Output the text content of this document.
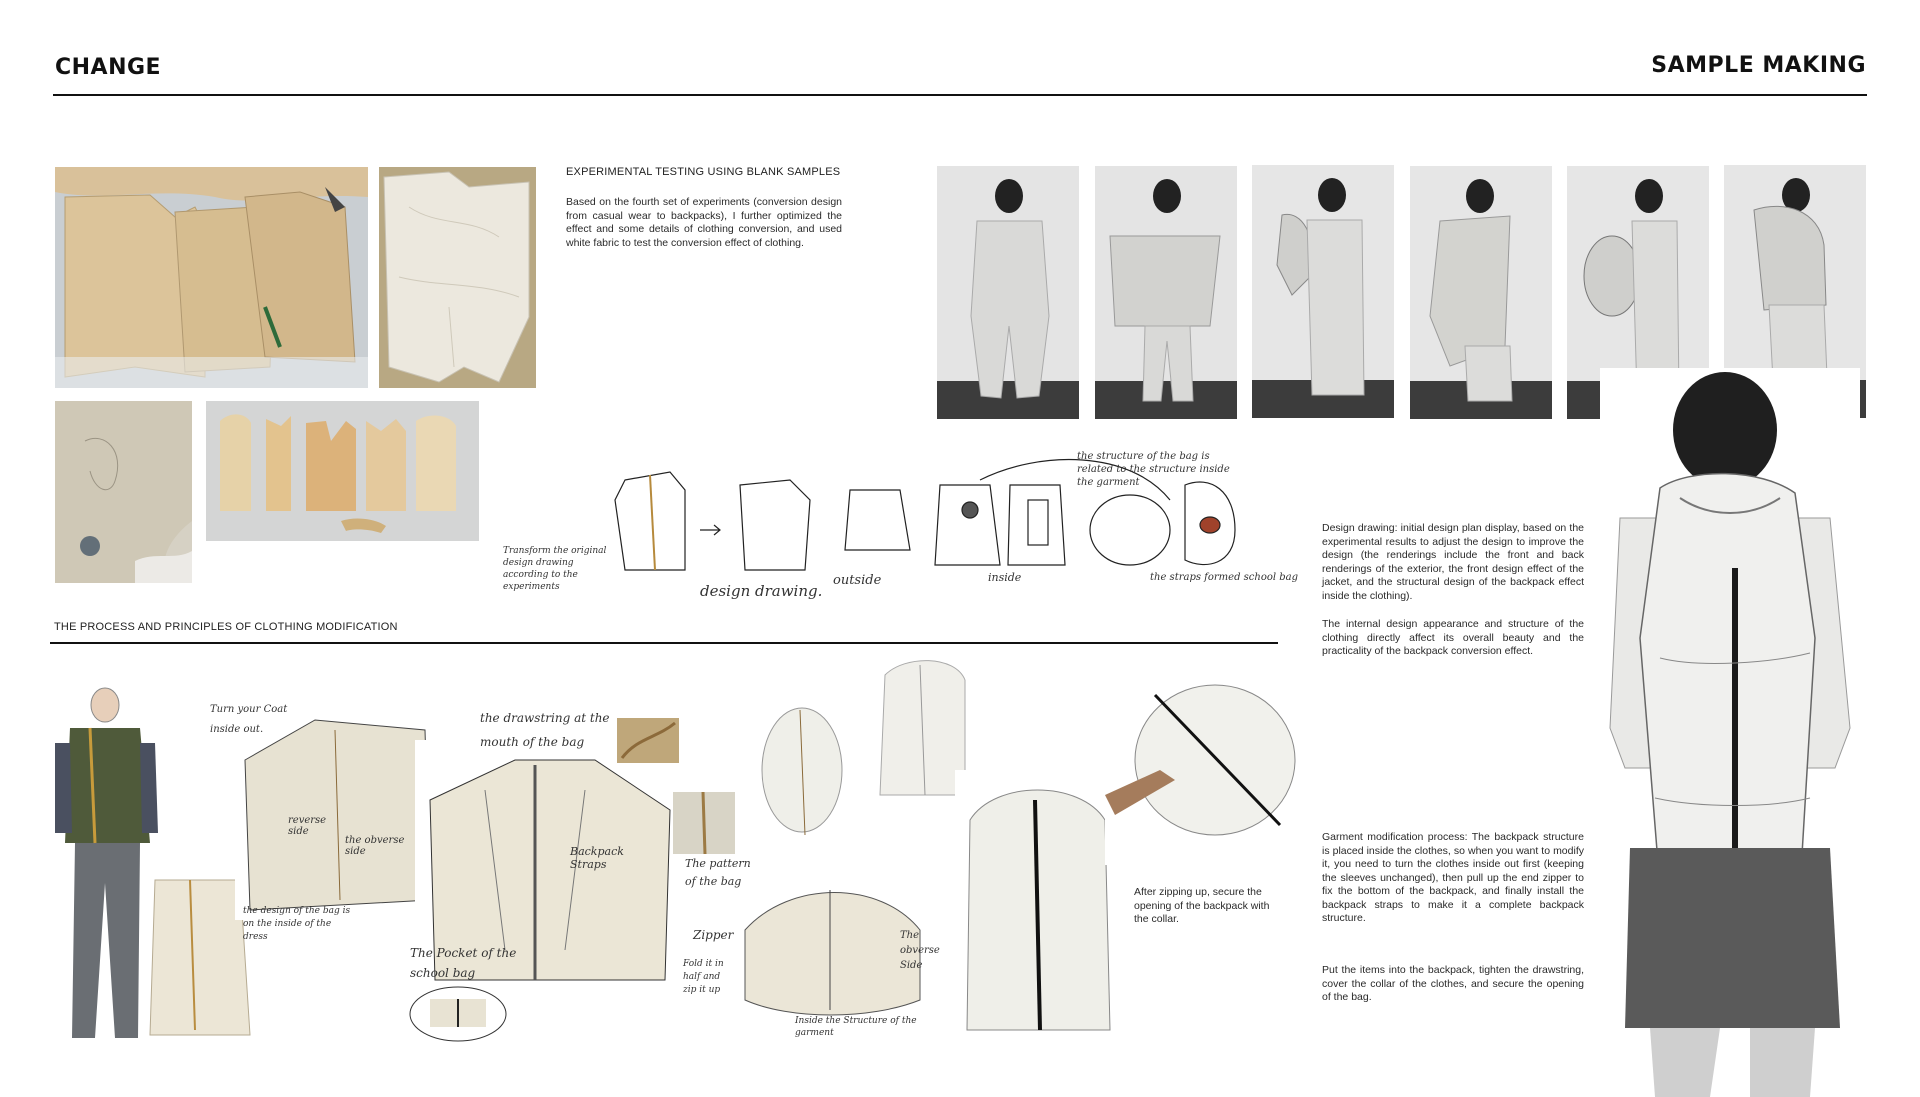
CHANGE	SAMPLE MAKING
EXPERIMENTAL TESTING USING BLANK SAMPLES
Based on the fourth set of experiments (conversion design from casual wear to backpacks), I further optimized the effect and some details of clothing conversion, and used white fabric to test the conversion effect of clothing.
Transform the original design drawing according to the experiments	design drawing.
outside	inside
the structure of the bag is related to the structure inside the garment
the straps formed school bag
THE PROCESS AND PRINCIPLES OF CLOTHING MODIFICATION
Turn your Coat inside out.
the drawstring at the mouth of the bag
reverse side
the obverse side
the design of the bag is on the inside of the dress
Backpack Straps	The pattern of the bag
Zipper
The Pocket of the school bag
Fold it in half and zip it up
Inside the Structure of the garment
The obverse Side
After zipping up, secure the opening of the backpack with the collar.
Design drawing: initial design plan display, based on the experimental results to adjust the design to improve the design (the renderings include the front and back renderings of the exterior, the front design effect of the jacket, and the structural design of the backpack effect inside the clothing).
The internal design appearance and structure of the clothing directly affect its overall beauty and the practicality of the backpack conversion effect.
Garment modification process: The backpack structure is placed inside the clothes, so when you want to modify it, you need to turn the clothes inside out first (keeping the sleeves unchanged), then pull up the end zipper to fix the bottom of the backpack, and finally install the backpack straps to make it a complete backpack structure.
Put the items into the backpack, tighten the drawstring, cover the collar of the clothes, and secure the opening of the bag.
